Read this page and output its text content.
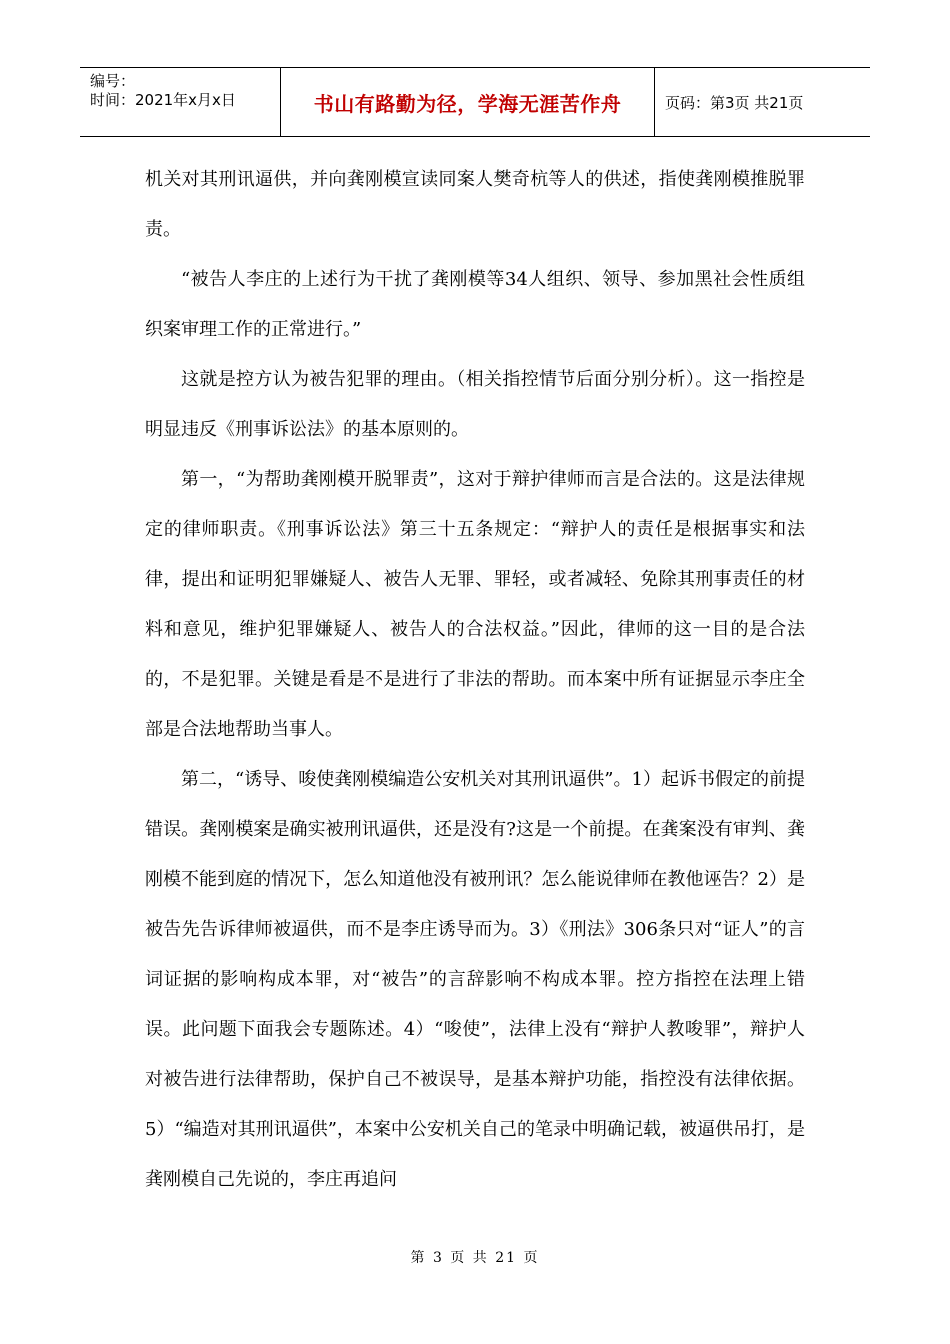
编号：
时间：2021年x月x日	书山有路勤为径，学海无涯苦作舟	页码：第3页 共21页

机关对其刑讯逼供，并向龚刚模宣读同案人樊奇杭等人的供述，指使龚刚模推脱罪责。

“被告人李庄的上述行为干扰了龚刚模等34人组织、领导、参加黑社会性质组织案审理工作的正常进行。”

这就是控方认为被告犯罪的理由。（相关指控情节后面分别分析）。这一指控是明显违反《刑事诉讼法》的基本原则的。

第一，“为帮助龚刚模开脱罪责”，这对于辩护律师而言是合法的。这是法律规定的律师职责。《刑事诉讼法》第三十五条规定：“辩护人的责任是根据事实和法律，提出和证明犯罪嫌疑人、被告人无罪、罪轻，或者减轻、免除其刑事责任的材料和意见，维护犯罪嫌疑人、被告人的合法权益。”因此，律师的这一目的是合法的，不是犯罪。关键是看是不是进行了非法的帮助。而本案中所有证据显示李庄全部是合法地帮助当事人。

第二，“诱导、唆使龚刚模编造公安机关对其刑讯逼供”。1）起诉书假定的前提错误。龚刚模案是确实被刑讯逼供，还是没有?这是一个前提。在龚案没有审判、龚刚模不能到庭的情况下，怎么知道他没有被刑讯？怎么能说律师在教他诬告？2）是被告先告诉律师被逼供，而不是李庄诱导而为。3）《刑法》306条只对“证人”的言词证据的影响构成本罪，对“被告”的言辞影响不构成本罪。控方指控在法理上错误。此问题下面我会专题陈述。4）“唆使”，法律上没有“辩护人教唆罪”，辩护人对被告进行法律帮助，保护自己不被误导，是基本辩护功能，指控没有法律依据。5）“编造对其刑讯逼供”，本案中公安机关自己的笔录中明确记载，被逼供吊打，是龚刚模自己先说的，李庄再追问

第 3 页 共 21 页
